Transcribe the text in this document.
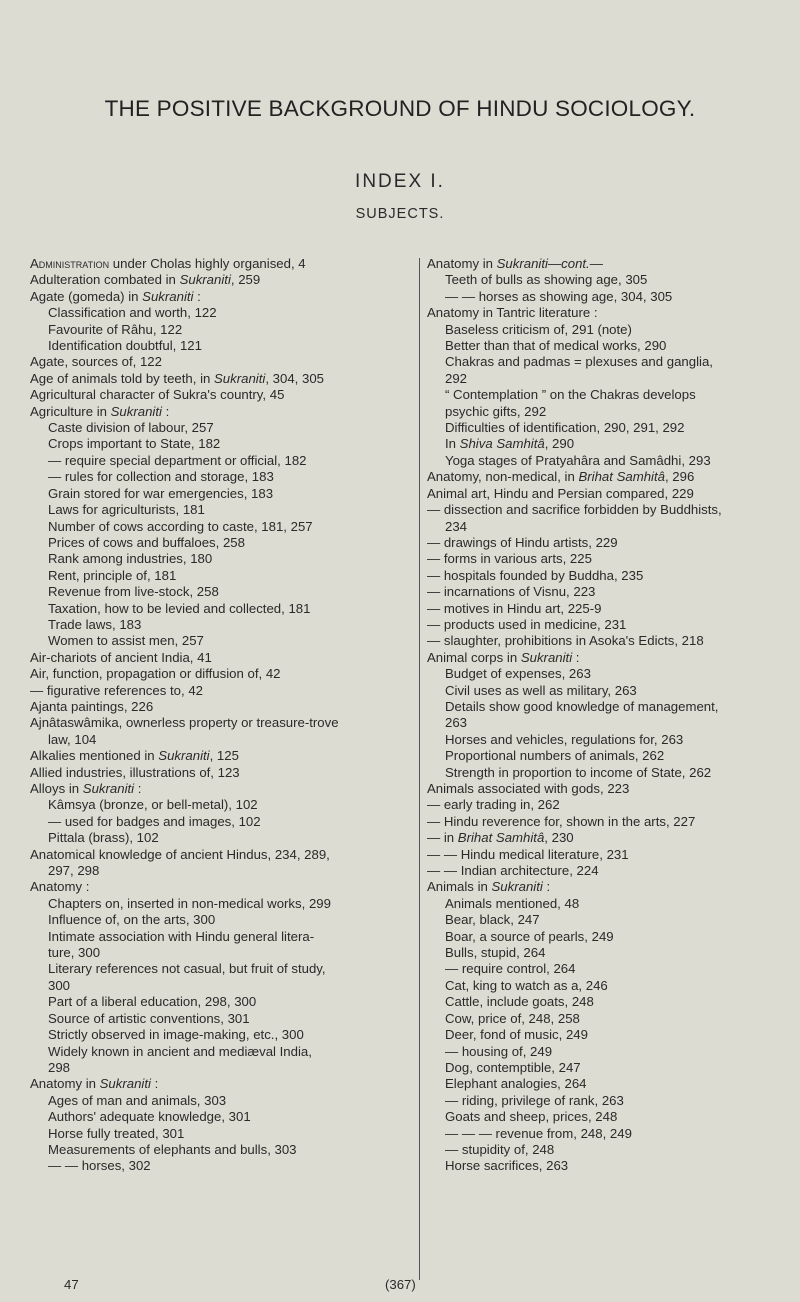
THE POSITIVE BACKGROUND OF HINDU SOCIOLOGY.
INDEX I.
SUBJECTS.
Administration under Cholas highly organised, 4
Adulteration combated in Sukraniti, 259
Agate (gomeda) in Sukraniti :
Classification and worth, 122
Favourite of Râhu, 122
Identification doubtful, 121
Agate, sources of, 122
Age of animals told by teeth, in Sukraniti, 304, 305
Agricultural character of Sukra's country, 45
Agriculture in Sukraniti :
Caste division of labour, 257
Crops important to State, 182
— require special department or official, 182
— rules for collection and storage, 183
Grain stored for war emergencies, 183
Laws for agriculturists, 181
Number of cows according to caste, 181, 257
Prices of cows and buffaloes, 258
Rank among industries, 180
Rent, principle of, 181
Revenue from live-stock, 258
Taxation, how to be levied and collected, 181
Trade laws, 183
Women to assist men, 257
Air-chariots of ancient India, 41
Air, function, propagation or diffusion of, 42
— figurative references to, 42
Ajanta paintings, 226
Ajnâtaswâmika, ownerless property or treasure-trove
law, 104
Alkalies mentioned in Sukraniti, 125
Allied industries, illustrations of, 123
Alloys in Sukraniti :
Kâmsya (bronze, or bell-metal), 102
— used for badges and images, 102
Pittala (brass), 102
Anatomical knowledge of ancient Hindus, 234, 289,
297, 298
Anatomy :
Chapters on, inserted in non-medical works, 299
Influence of, on the arts, 300
Intimate association with Hindu general litera-
ture, 300
Literary references not casual, but fruit of study,
300
Part of a liberal education, 298, 300
Source of artistic conventions, 301
Strictly observed in image-making, etc., 300
Widely known in ancient and mediæval India,
298
Anatomy in Sukraniti :
Ages of man and animals, 303
Authors' adequate knowledge, 301
Horse fully treated, 301
Measurements of elephants and bulls, 303
— — horses, 302
Anatomy in Sukraniti—cont.—
Teeth of bulls as showing age, 305
— — horses as showing age, 304, 305
Anatomy in Tantric literature :
Baseless criticism of, 291 (note)
Better than that of medical works, 290
Chakras and padmas = plexuses and ganglia,
292
“ Contemplation ” on the Chakras develops
psychic gifts, 292
Difficulties of identification, 290, 291, 292
In Shiva Samhitâ, 290
Yoga stages of Pratyahâra and Samâdhi, 293
Anatomy, non-medical, in Brihat Samhitâ, 296
Animal art, Hindu and Persian compared, 229
— dissection and sacrifice forbidden by Buddhists,
234
— drawings of Hindu artists, 229
— forms in various arts, 225
— hospitals founded by Buddha, 235
— incarnations of Visnu, 223
— motives in Hindu art, 225-9
— products used in medicine, 231
— slaughter, prohibitions in Asoka's Edicts, 218
Animal corps in Sukraniti :
Budget of expenses, 263
Civil uses as well as military, 263
Details show good knowledge of management,
263
Horses and vehicles, regulations for, 263
Proportional numbers of animals, 262
Strength in proportion to income of State, 262
Animals associated with gods, 223
— early trading in, 262
— Hindu reverence for, shown in the arts, 227
— in Brihat Samhitâ, 230
— — Hindu medical literature, 231
— — Indian architecture, 224
Animals in Sukraniti :
Animals mentioned, 48
Bear, black, 247
Boar, a source of pearls, 249
Bulls, stupid, 264
— require control, 264
Cat, king to watch as a, 246
Cattle, include goats, 248
Cow, price of, 248, 258
Deer, fond of music, 249
— housing of, 249
Dog, contemptible, 247
Elephant analogies, 264
— riding, privilege of rank, 263
Goats and sheep, prices, 248
— — — revenue from, 248, 249
— stupidity of, 248
Horse sacrifices, 263
47	(367)
